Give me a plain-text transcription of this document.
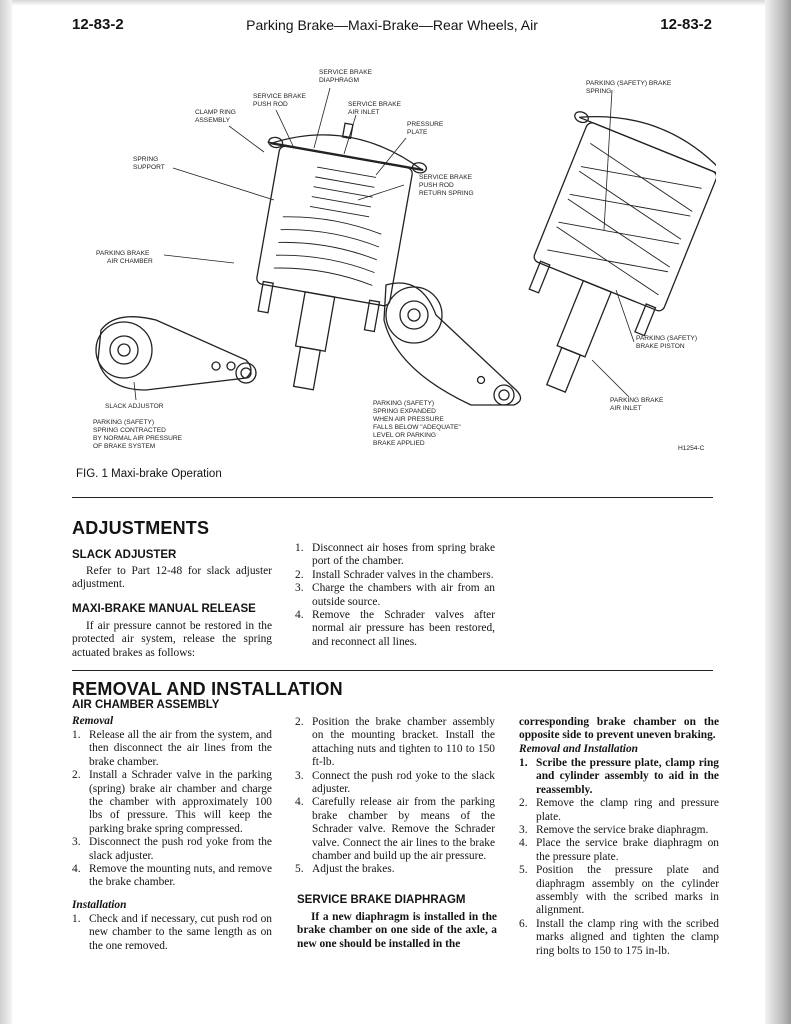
12-83-2	Parking Brake—Maxi-Brake—Rear Wheels, Air	12-83-2
SERVICE BRAKE
DIAPHRAGM
SERVICE BRAKE
PUSH ROD
CLAMP RING
ASSEMBLY
SERVICE BRAKE
AIR INLET
PRESSURE
PLATE
SPRING
SUPPORT
SERVICE BRAKE
PUSH ROD
RETURN SPRING
PARKING BRAKE
AIR CHAMBER
SLACK ADJUSTOR
PARKING (SAFETY)
SPRING CONTRACTED
BY NORMAL AIR PRESSURE
OF BRAKE SYSTEM
PARKING (SAFETY) BRAKE
SPRING
PARKING (SAFETY)
BRAKE PISTON
PARKING BRAKE
AIR INLET
PARKING (SAFETY)
SPRING EXPANDED
WHEN AIR PRESSURE
FALLS BELOW "ADEQUATE"
LEVEL OR PARKING
BRAKE APPLIED
H1254-C
FIG. 1 Maxi-brake Operation
ADJUSTMENTS
SLACK ADJUSTER

Refer to Part 12-48 for slack adjuster adjustment.

MAXI-BRAKE MANUAL RELEASE

If air pressure cannot be restored in the protected air system, release the spring actuated brakes as follows:

1. Disconnect air hoses from spring brake port of the chamber.
2. Install Schrader valves in the chambers.
3. Charge the chambers with air from an outside source.
4. Remove the Schrader valves after normal air pressure has been restored, and reconnect all lines.
REMOVAL AND INSTALLATION
AIR CHAMBER ASSEMBLY
Removal
1. Release all the air from the system, and then disconnect the air lines from the brake chamber.
2. Install a Schrader valve in the parking (spring) brake air chamber and charge the chamber with approximately 100 lbs of pressure. This will keep the parking brake spring compressed.
3. Disconnect the push rod yoke from the slack adjuster.
4. Remove the mounting nuts, and remove the brake chamber.
Installation
1. Check and if necessary, cut push rod on new chamber to the same length as on the one removed.
2. Position the brake chamber assembly on the mounting bracket. Install the attaching nuts and tighten to 110 to 150 ft-lb.
3. Connect the push rod yoke to the slack adjuster.
4. Carefully release air from the parking brake chamber by means of the Schrader valve. Remove the Schrader valve. Connect the air lines to the brake chamber and build up the air pressure.
5. Adjust the brakes.
SERVICE BRAKE DIAPHRAGM

If a new diaphragm is installed in the brake chamber on one side of the axle, a new one should be installed in the

corresponding brake chamber on the opposite side to prevent uneven braking.

Removal and Installation
1. Scribe the pressure plate, clamp ring and cylinder assembly to aid in the reassembly.
2. Remove the clamp ring and pressure plate.
3. Remove the service brake diaphragm.
4. Place the service brake diaphragm on the pressure plate.
5. Position the pressure plate and diaphragm assembly on the cylinder assembly with the scribed marks in alignment.
6. Install the clamp ring with the scribed marks aligned and tighten the clamp ring bolts to 150 to 175 in-lb.
